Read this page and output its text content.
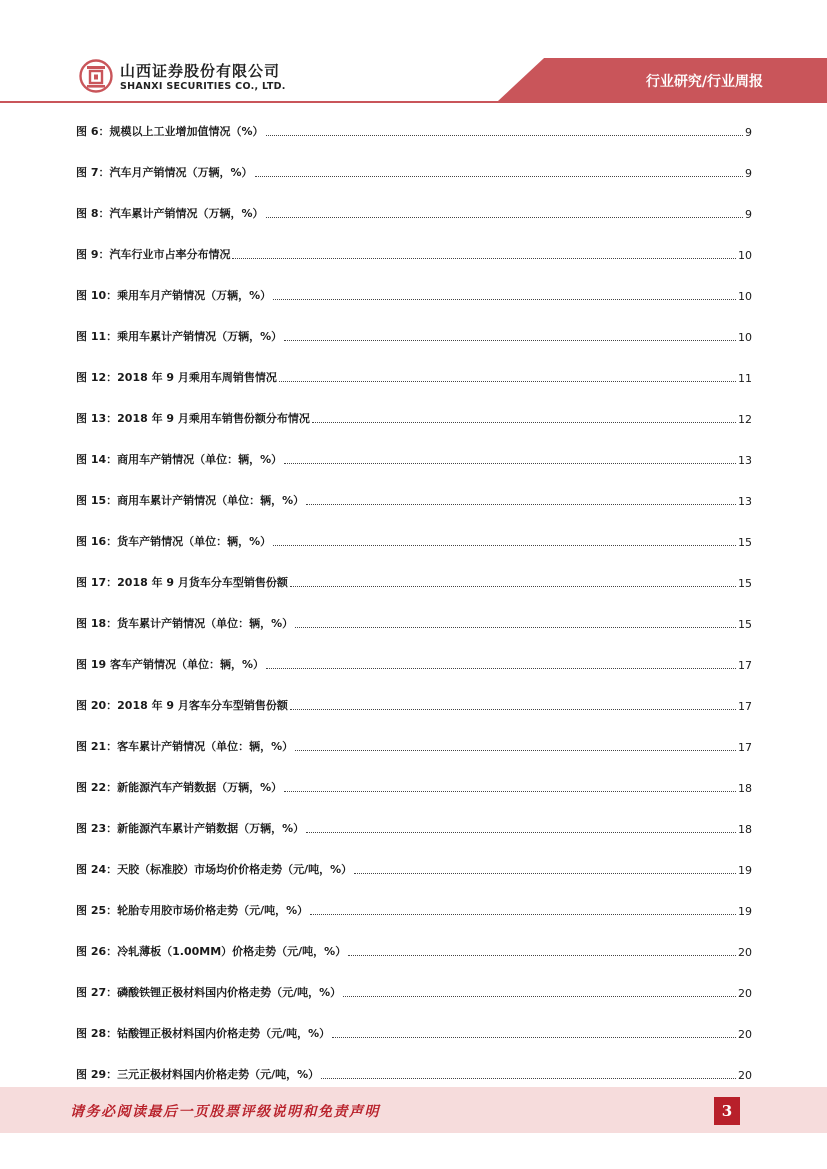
山西证券股份有限公司
SHANXI SECURITIES CO., LTD.	行业研究/行业周报
图 6：规模以上工业增加值情况（%）	9
图 7：汽车月产销情况（万辆，%）	9
图 8：汽车累计产销情况（万辆，%）	9
图 9：汽车行业市占率分布情况	10
图 10：乘用车月产销情况（万辆，%）	10
图 11：乘用车累计产销情况（万辆，%）	10
图 12：2018 年 9 月乘用车周销售情况	11
图 13：2018 年 9 月乘用车销售份额分布情况	12
图 14：商用车产销情况（单位：辆，%）	13
图 15：商用车累计产销情况（单位：辆，%）	13
图 16：货车产销情况（单位：辆，%）	15
图 17：2018 年 9 月货车分车型销售份额	15
图 18：货车累计产销情况（单位：辆，%）	15
图 19 客车产销情况（单位：辆，%）	17
图 20：2018 年 9 月客车分车型销售份额	17
图 21：客车累计产销情况（单位：辆，%）	17
图 22：新能源汽车产销数据（万辆，%）	18
图 23：新能源汽车累计产销数据（万辆，%）	18
图 24：天胶（标准胶）市场均价价格走势（元/吨，%）	19
图 25：轮胎专用胶市场价格走势（元/吨，%）	19
图 26：冷轧薄板（1.00MM）价格走势（元/吨，%）	20
图 27：磷酸铁锂正极材料国内价格走势（元/吨，%）	20
图 28：钴酸锂正极材料国内价格走势（元/吨，%）	20
图 29：三元正极材料国内价格走势（元/吨，%）	20
请务必阅读最后一页股票评级说明和免责声明	3
